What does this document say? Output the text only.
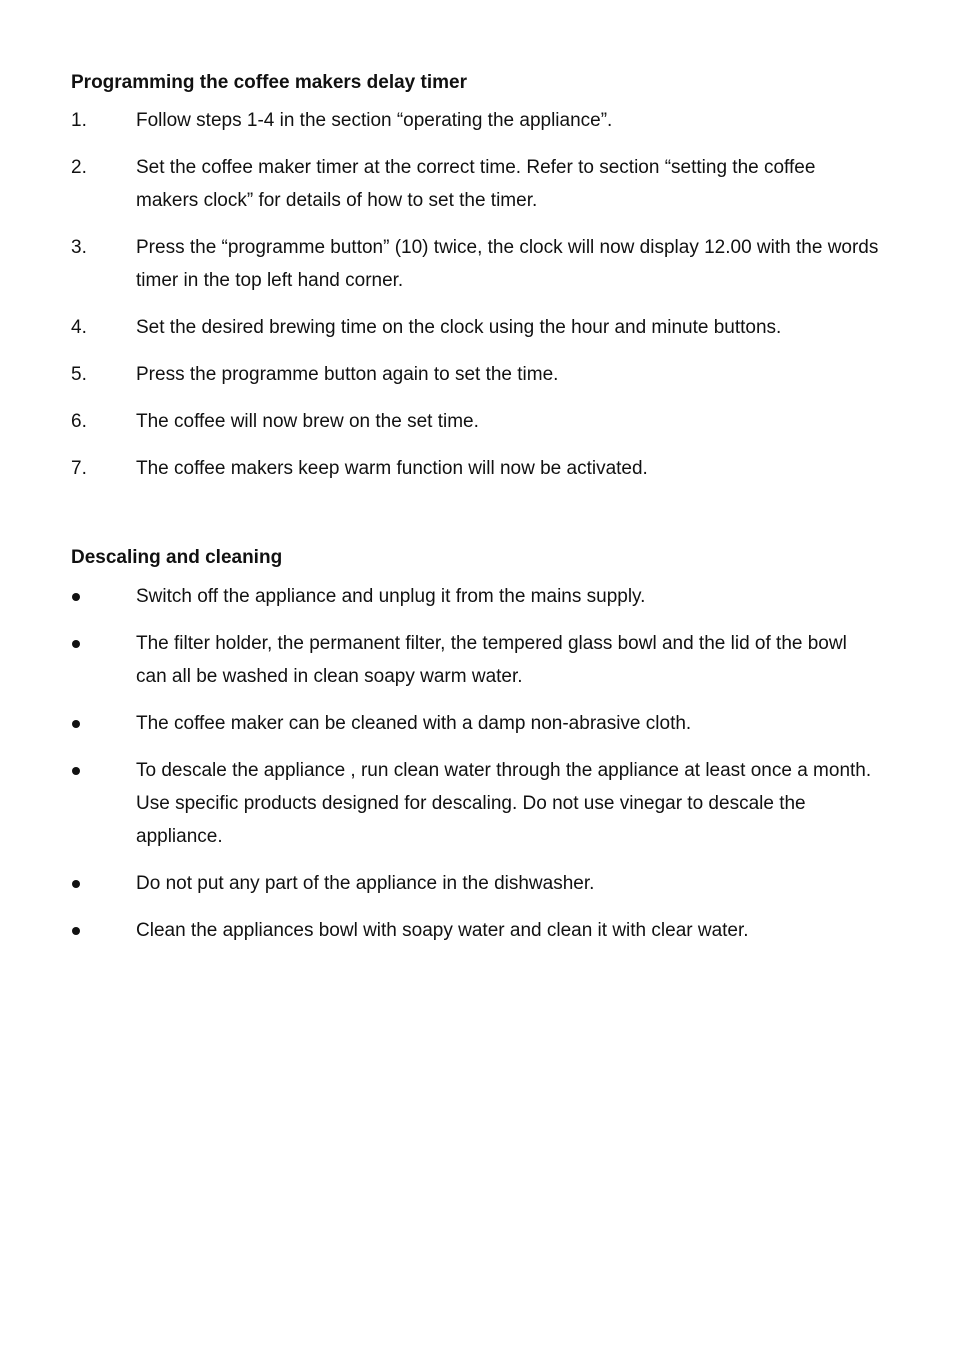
Programming the coffee makers delay timer
1.	Follow steps 1-4 in the section “operating the appliance”.
2.	Set the coffee maker timer at the correct time. Refer to section “setting the coffee makers clock” for details of how to set the timer.
3.	Press the “programme button” (10) twice, the clock will now display 12.00 with the words timer in the top left hand corner.
4.	Set the desired brewing time on the clock using the hour and minute buttons.
5.	Press the programme button again to set the time.
6.	The coffee will now brew on the set time.
7.	The coffee makers keep warm function will now be activated.
Descaling and cleaning
Switch off the appliance and unplug it from the mains supply.
The filter holder, the permanent filter, the tempered glass bowl and the lid of the bowl can all be washed in clean soapy warm water.
The coffee maker can be cleaned with a damp non-abrasive cloth.
To descale the appliance , run clean water through the appliance at least once a month. Use specific products designed for descaling. Do not use vinegar to descale the appliance.
Do not put any part of the appliance in the dishwasher.
Clean the appliances bowl with soapy water and clean it with clear water.
